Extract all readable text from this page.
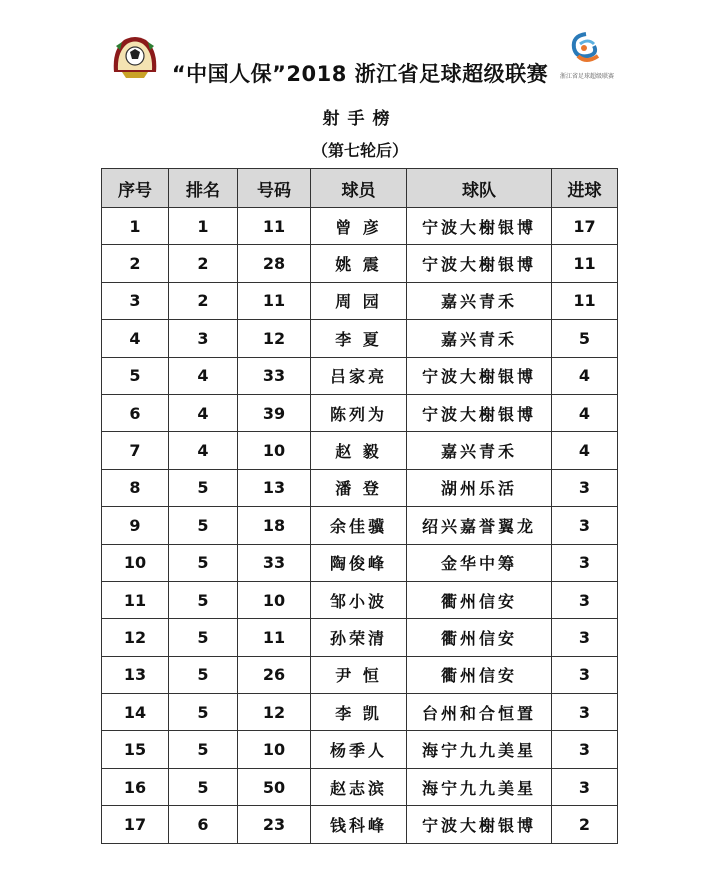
浙江省足球超级联赛
“中国人保”2018 浙江省足球超级联赛
射手榜
（第七轮后）
序号	排名	号码	球员	球队	进球
1	1	11	曾 彦	宁波大榭银博	17
2	2	28	姚 震	宁波大榭银博	11
3	2	11	周 园	嘉兴青禾	11
4	3	12	李 夏	嘉兴青禾	5
5	4	33	吕家亮	宁波大榭银博	4
6	4	39	陈列为	宁波大榭银博	4
7	4	10	赵 毅	嘉兴青禾	4
8	5	13	潘 登	湖州乐活	3
9	5	18	余佳骥	绍兴嘉誉翼龙	3
10	5	33	陶俊峰	金华中筹	3
11	5	10	邹小波	衢州信安	3
12	5	11	孙荣清	衢州信安	3
13	5	26	尹 恒	衢州信安	3
14	5	12	李 凯	台州和合恒置	3
15	5	10	杨季人	海宁九九美星	3
16	5	50	赵志滨	海宁九九美星	3
17	6	23	钱科峰	宁波大榭银博	2
